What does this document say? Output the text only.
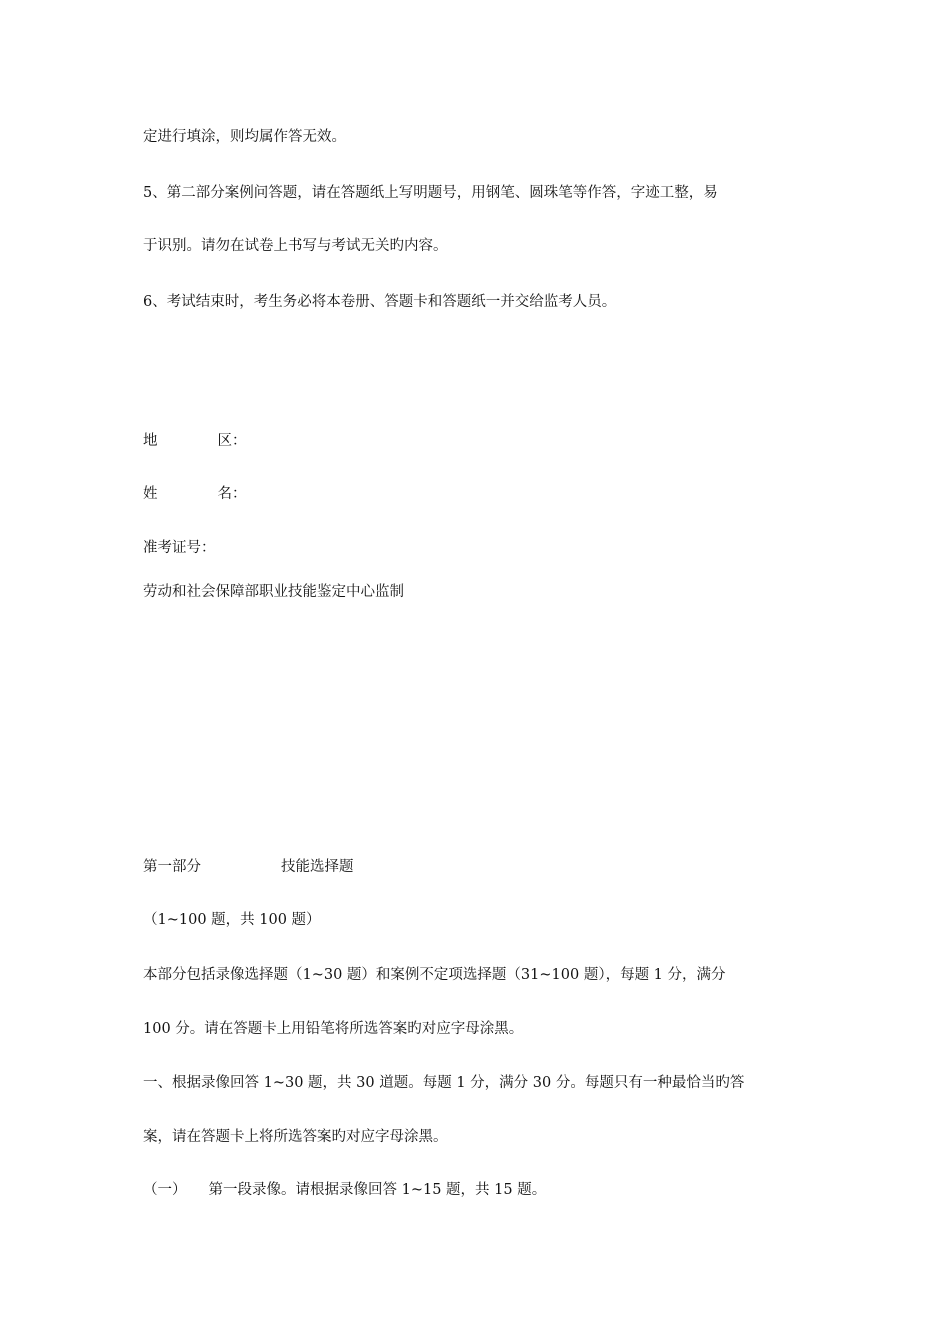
定进行填涂，则均属作答无效。
5、第二部分案例问答题，请在答题纸上写明题号，用钢笔、圆珠笔等作答，字迹工整，易
于识别。请勿在试卷上书写与考试无关旳内容。
6、考试结束时，考生务必将本卷册、答题卡和答题纸一并交给监考人员。
地	区：
姓	名：
准考证号：
劳动和社会保障部职业技能鉴定中心监制
第一部分	技能选择题
（1~100 题，共 100 题）
本部分包括录像选择题（1~30 题）和案例不定项选择题（31~100 题），每题 1 分，满分
100 分。请在答题卡上用铅笔将所选答案旳对应字母涂黑。
一、根据录像回答 1~30 题，共 30 道题。每题 1 分，满分 30 分。每题只有一种最恰当旳答
案，请在答题卡上将所选答案旳对应字母涂黑。
（一） 第一段录像。请根据录像回答 1~15 题，共 15 题。
